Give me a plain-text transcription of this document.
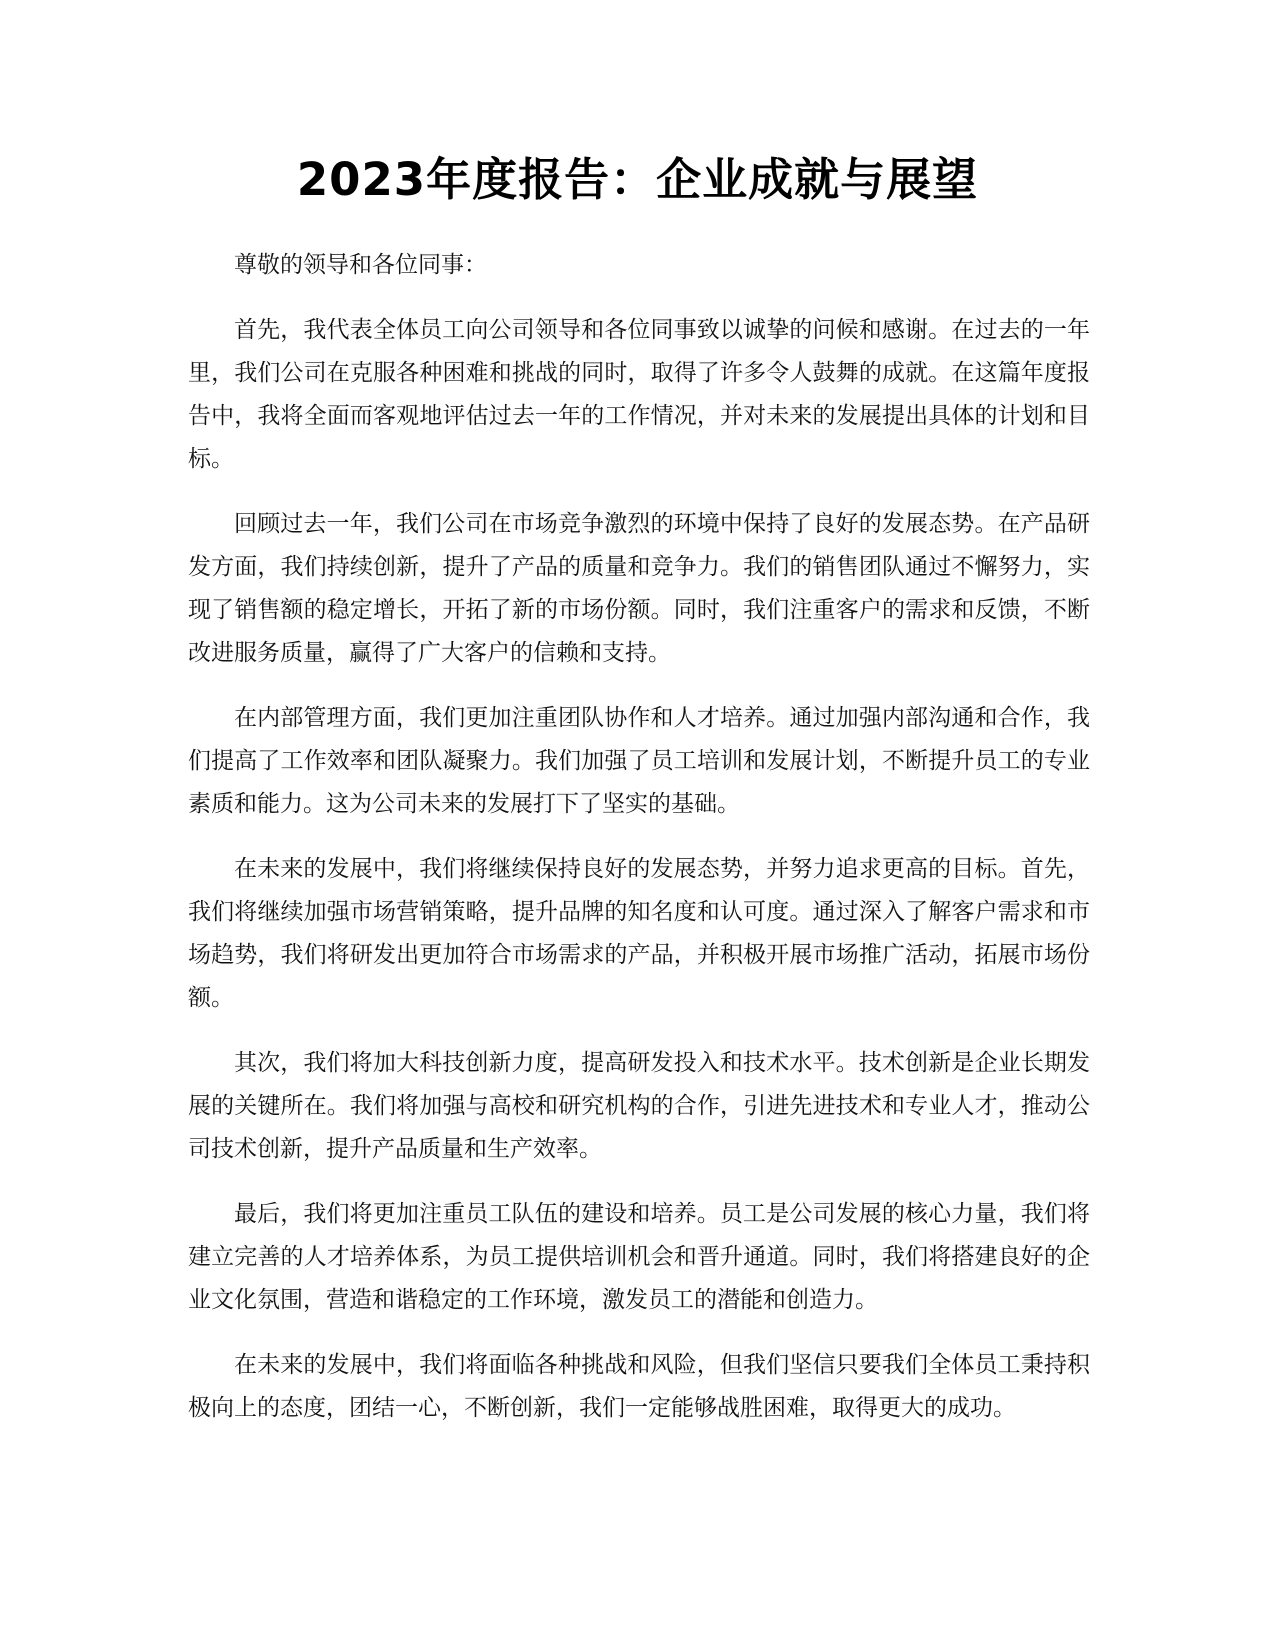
2023年度报告：企业成就与展望

尊敬的领导和各位同事：

首先，我代表全体员工向公司领导和各位同事致以诚挚的问候和感谢。在过去的一年里，我们公司在克服各种困难和挑战的同时，取得了许多令人鼓舞的成就。在这篇年度报告中，我将全面而客观地评估过去一年的工作情况，并对未来的发展提出具体的计划和目标。

回顾过去一年，我们公司在市场竞争激烈的环境中保持了良好的发展态势。在产品研发方面，我们持续创新，提升了产品的质量和竞争力。我们的销售团队通过不懈努力，实现了销售额的稳定增长，开拓了新的市场份额。同时，我们注重客户的需求和反馈，不断改进服务质量，赢得了广大客户的信赖和支持。

在内部管理方面，我们更加注重团队协作和人才培养。通过加强内部沟通和合作，我们提高了工作效率和团队凝聚力。我们加强了员工培训和发展计划，不断提升员工的专业素质和能力。这为公司未来的发展打下了坚实的基础。

在未来的发展中，我们将继续保持良好的发展态势，并努力追求更高的目标。首先，我们将继续加强市场营销策略，提升品牌的知名度和认可度。通过深入了解客户需求和市场趋势，我们将研发出更加符合市场需求的产品，并积极开展市场推广活动，拓展市场份额。

其次，我们将加大科技创新力度，提高研发投入和技术水平。技术创新是企业长期发展的关键所在。我们将加强与高校和研究机构的合作，引进先进技术和专业人才，推动公司技术创新，提升产品质量和生产效率。

最后，我们将更加注重员工队伍的建设和培养。员工是公司发展的核心力量，我们将建立完善的人才培养体系，为员工提供培训机会和晋升通道。同时，我们将搭建良好的企业文化氛围，营造和谐稳定的工作环境，激发员工的潜能和创造力。

在未来的发展中，我们将面临各种挑战和风险，但我们坚信只要我们全体员工秉持积极向上的态度，团结一心，不断创新，我们一定能够战胜困难，取得更大的成功。
